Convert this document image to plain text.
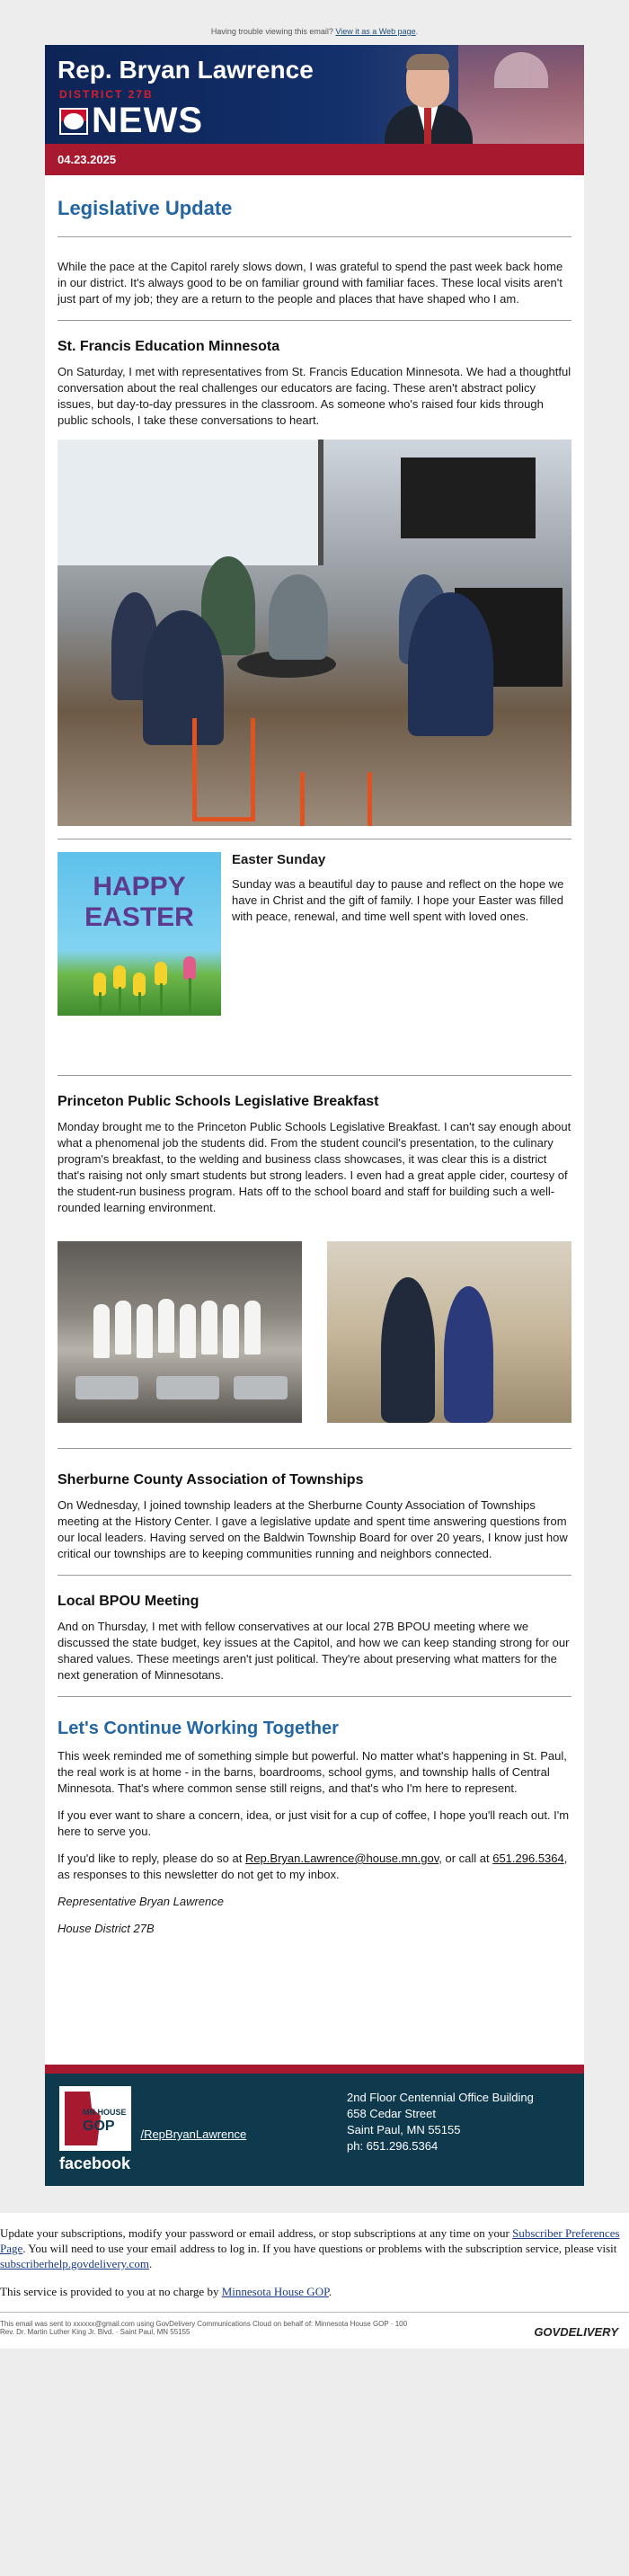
Having trouble viewing this email? View it as a Web page.
Rep. Bryan Lawrence
DISTRICT 27B
NEWS
04.23.2025
Legislative Update

While the pace at the Capitol rarely slows down, I was grateful to spend the past week back home in our district. It's always good to be on familiar ground with familiar faces. These local visits aren't just part of my job; they are a return to the people and places that have shaped who I am.

St. Francis Education Minnesota

On Saturday, I met with representatives from St. Francis Education Minnesota. We had a thoughtful conversation about the real challenges our educators are facing. These aren't abstract policy issues, but day-to-day pressures in the classroom. As someone who's raised four kids through public schools, I take these conversations to heart.

HAPPY
EASTER
Easter Sunday

Sunday was a beautiful day to pause and reflect on the hope we have in Christ and the gift of family. I hope your Easter was filled with peace, renewal, and time well spent with loved ones.

Princeton Public Schools Legislative Breakfast

Monday brought me to the Princeton Public Schools Legislative Breakfast. I can't say enough about what a phenomenal job the students did. From the student council's presentation, to the culinary program's breakfast, to the welding and business class showcases, it was clear this is a district that's raising not only smart students but strong leaders. I even had a great apple cider, courtesy of the student-run business program. Hats off to the school board and staff for building such a well-rounded learning environment.

Sherburne County Association of Townships

On Wednesday, I joined township leaders at the Sherburne County Association of Townships meeting at the History Center. I gave a legislative update and spent time answering questions from our local leaders. Having served on the Baldwin Township Board for over 20 years, I know just how critical our townships are to keeping communities running and neighbors connected.

Local BPOU Meeting

And on Thursday, I met with fellow conservatives at our local 27B BPOU meeting where we discussed the state budget, key issues at the Capitol, and how we can keep standing strong for our shared values. These meetings aren't just political. They're about preserving what matters for the next generation of Minnesotans.

Let's Continue Working Together

This week reminded me of something simple but powerful. No matter what's happening in St. Paul, the real work is at home - in the barns, boardrooms, school gyms, and township halls of Central Minnesota. That's where common sense still reigns, and that's who I'm here to represent.

If you ever want to share a concern, idea, or just visit for a cup of coffee, I hope you'll reach out. I'm here to serve you.

If you'd like to reply, please do so at Rep.Bryan.Lawrence@house.mn.gov, or call at 651.296.5364, as responses to this newsletter do not get to my inbox.

Representative Bryan Lawrence

House District 27B

MN HOUSE
GOP
/RepBryanLawrence
facebook
2nd Floor Centennial Office Building
658 Cedar Street
Saint Paul, MN 55155
ph: 651.296.5364

Update your subscriptions, modify your password or email address, or stop subscriptions at any time on your Subscriber Preferences Page. You will need to use your email address to log in. If you have questions or problems with the subscription service, please visit subscriberhelp.govdelivery.com.

This service is provided to you at no charge by Minnesota House GOP.

This email was sent to xxxxxx@gmail.com using GovDelivery Communications Cloud on behalf of: Minnesota House GOP · 100
Rev. Dr. Martin Luther King Jr. Blvd. · Saint Paul, MN 55155	GOVDELIVERY
